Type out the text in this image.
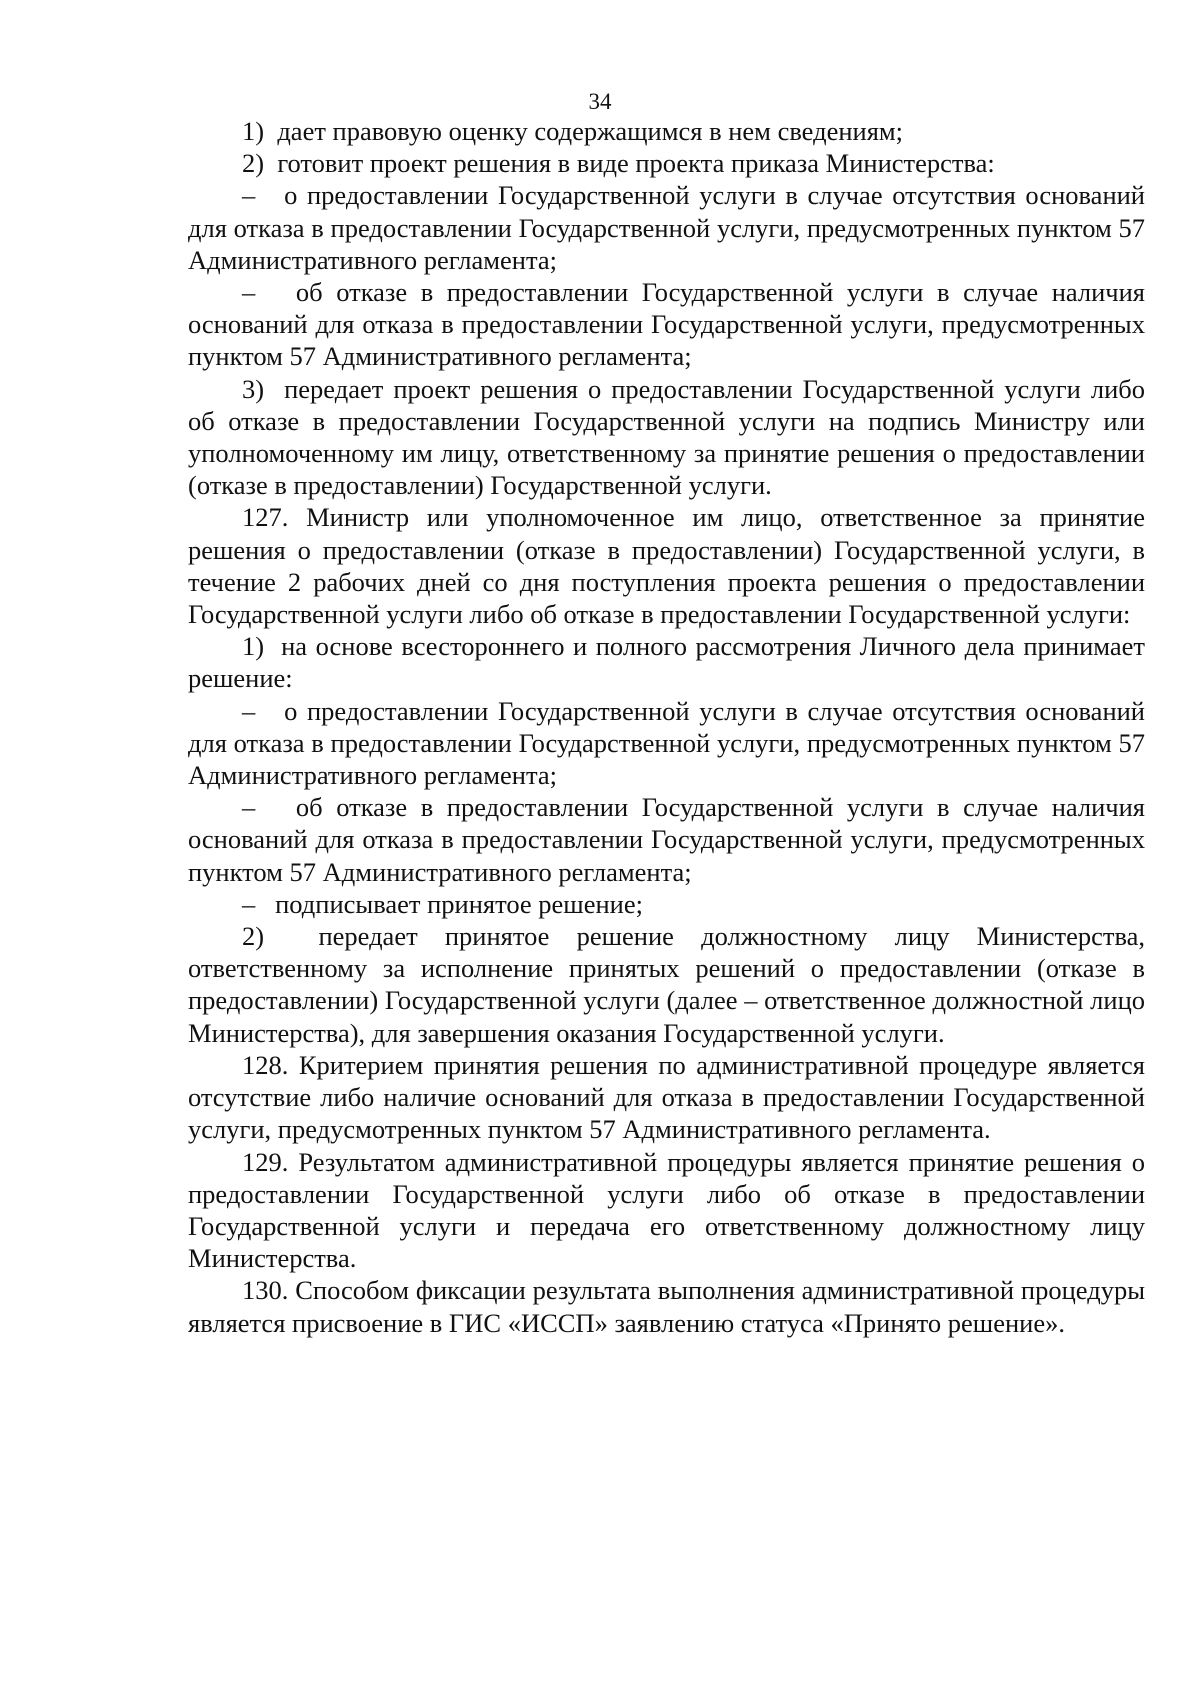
34

1)  дает правовую оценку содержащимся в нем сведениям;

2)  готовит проект решения в виде проекта приказа Министерства:

–   о предоставлении Государственной услуги в случае отсутствия оснований для отказа в предоставлении Государственной услуги, предусмотренных пунктом 57 Административного регламента;

–   об отказе в предоставлении Государственной услуги в случае наличия оснований для отказа в предоставлении Государственной услуги, предусмотренных пунктом 57 Административного регламента;

3)  передает проект решения о предоставлении Государственной услуги либо об отказе в предоставлении Государственной услуги на подпись Министру или уполномоченному им лицу, ответственному за принятие решения о предоставлении (отказе в предоставлении) Государственной услуги.

127. Министр или уполномоченное им лицо, ответственное за принятие решения о предоставлении (отказе в предоставлении) Государственной услуги, в течение 2 рабочих дней со дня поступления проекта решения о предоставлении Государственной услуги либо об отказе в предоставлении Государственной услуги:

1)  на основе всестороннего и полного рассмотрения Личного дела принимает решение:

–   о предоставлении Государственной услуги в случае отсутствия оснований для отказа в предоставлении Государственной услуги, предусмотренных пунктом 57 Административного регламента;

–   об отказе в предоставлении Государственной услуги в случае наличия оснований для отказа в предоставлении Государственной услуги, предусмотренных пунктом 57 Административного регламента;

–   подписывает принятое решение;

2)  передает принятое решение должностному лицу Министерства, ответственному за исполнение принятых решений о предоставлении (отказе в предоставлении) Государственной услуги (далее – ответственное должностной лицо Министерства), для завершения оказания Государственной услуги.

128. Критерием принятия решения по административной процедуре является отсутствие либо наличие оснований для отказа в предоставлении Государственной услуги, предусмотренных пунктом 57 Административного регламента.

129. Результатом административной процедуры является принятие решения о предоставлении Государственной услуги либо об отказе в предоставлении Государственной услуги и передача его ответственному должностному лицу Министерства.

130. Способом фиксации результата выполнения административной процедуры является присвоение в ГИС «ИССП» заявлению статуса «Принято решение».
